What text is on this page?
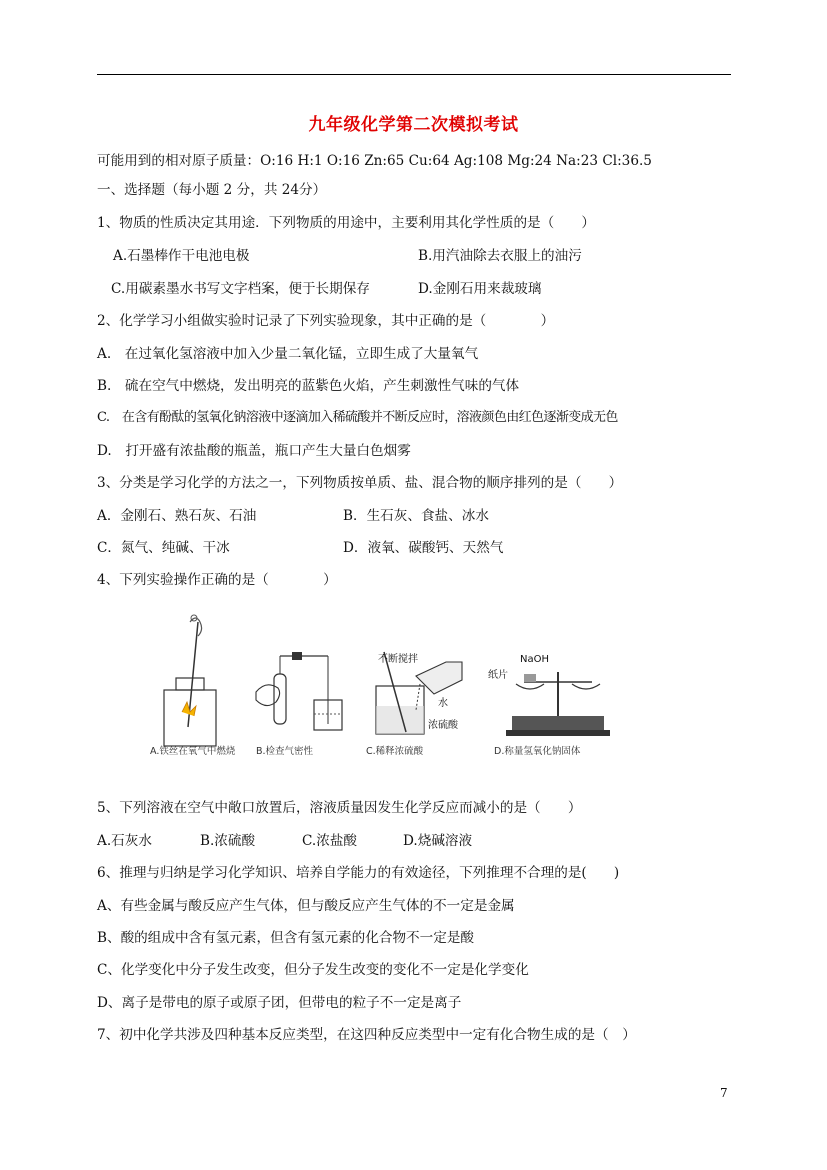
九年级化学第二次模拟考试
可能用到的相对原子质量：O:16 H:1 O:16 Zn:65 Cu:64 Ag:108 Mg:24 Na:23 Cl:36.5
一、选择题（每小题 2 分，共 24分）
1、物质的性质决定其用途．下列物质的用途中，主要利用其化学性质的是（　　）
A.石墨棒作干电池电极	B.用汽油除去衣服上的油污
C.用碳素墨水书写文字档案，便于长期保存	D.金刚石用来裁玻璃
2、化学学习小组做实验时记录了下列实验现象，其中正确的是（　　　　）
A.　在过氧化氢溶液中加入少量二氧化锰，立即生成了大量氧气
B.　硫在空气中燃烧，发出明亮的蓝紫色火焰，产生刺激性气味的气体
C.　在含有酚酞的氢氧化钠溶液中逐滴加入稀硫酸并不断反应时，溶液颜色由红色逐渐变成无色
D.　打开盛有浓盐酸的瓶盖，瓶口产生大量白色烟雾
3、分类是学习化学的方法之一，下列物质按单质、盐、混合物的顺序排列的是（　　）
A．金刚石、熟石灰、石油	B．生石灰、食盐、冰水
C．氮气、纯碱、干冰	D．液氧、碳酸钙、天然气
4、下列实验操作正确的是（　　　　）
A.铁丝在氧气中燃烧 B.检查气密性
不断搅拌
水
浓硫酸
C.稀释浓硫酸
NaOH
纸片
D.称量氢氧化钠固体
5、下列溶液在空气中敞口放置后，溶液质量因发生化学反应而减小的是（　　）
A.石灰水	B.浓硫酸	C.浓盐酸	D.烧碱溶液
6、推理与归纳是学习化学知识、培养自学能力的有效途径，下列推理不合理的是(　　)
A、有些金属与酸反应产生气体，但与酸反应产生气体的不一定是金属
B、酸的组成中含有氢元素，但含有氢元素的化合物不一定是酸
C、化学变化中分子发生改变，但分子发生改变的变化不一定是化学变化
D、离子是带电的原子或原子团，但带电的粒子不一定是离子
7、初中化学共涉及四种基本反应类型，在这四种反应类型中一定有化合物生成的是（　）
7
